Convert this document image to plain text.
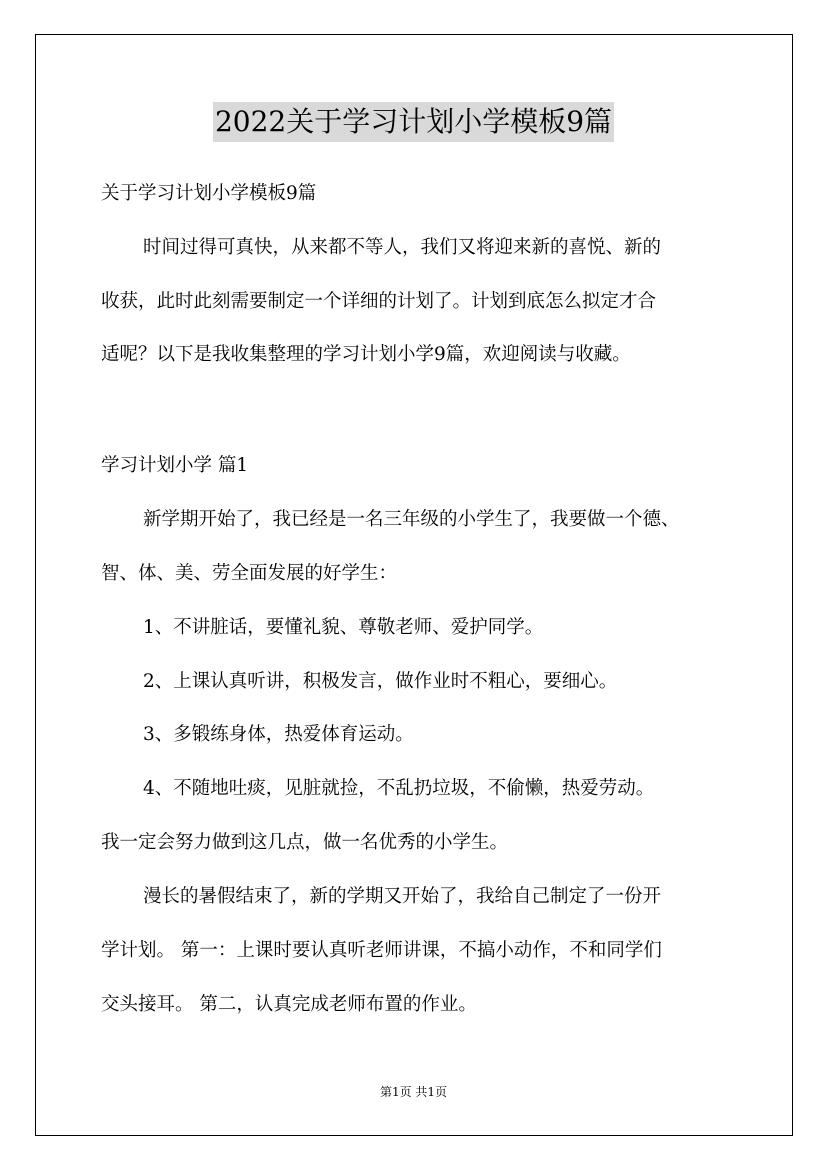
2022关于学习计划小学模板9篇
关于学习计划小学模板9篇
时间过得可真快，从来都不等人，我们又将迎来新的喜悦、新的
收获，此时此刻需要制定一个详细的计划了。计划到底怎么拟定才合
适呢？以下是我收集整理的学习计划小学9篇，欢迎阅读与收藏。
学习计划小学 篇1
新学期开始了，我已经是一名三年级的小学生了，我要做一个德、
智、体、美、劳全面发展的好学生：
1、不讲脏话，要懂礼貌、尊敬老师、爱护同学。
2、上课认真听讲，积极发言，做作业时不粗心，要细心。
3、多锻练身体，热爱体育运动。
4、不随地吐痰，见脏就捡，不乱扔垃圾，不偷懒，热爱劳动。
我一定会努力做到这几点，做一名优秀的小学生。
漫长的暑假结束了，新的学期又开始了，我给自己制定了一份开
学计划。 第一：上课时要认真听老师讲课，不搞小动作，不和同学们
交头接耳。 第二，认真完成老师布置的作业。
第1页 共1页
